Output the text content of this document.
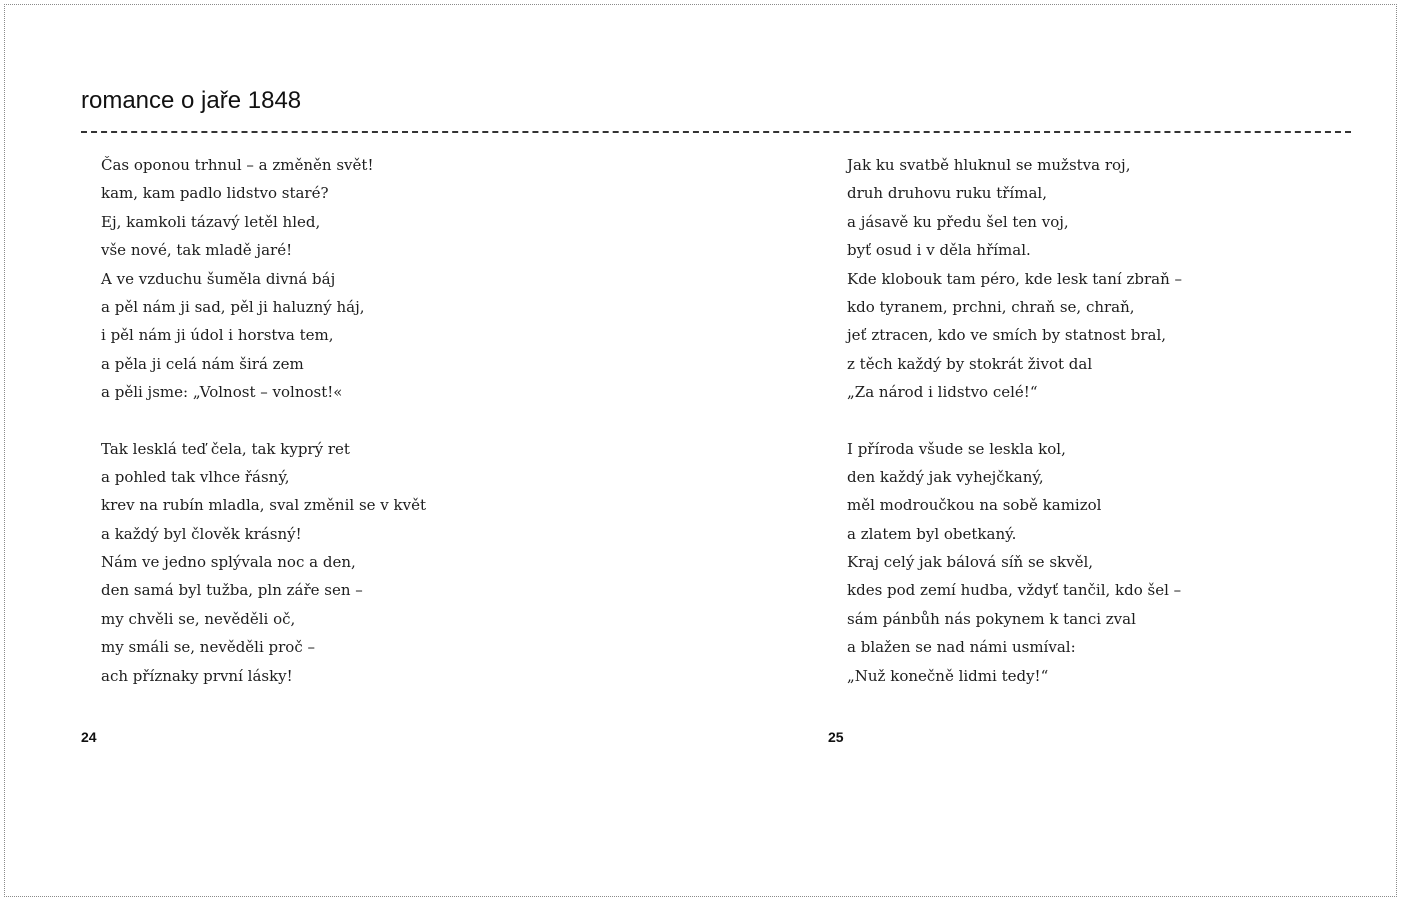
romance o jaře 1848
Čas oponou trhnul – a změněn svět!
kam, kam padlo lidstvo staré?
Ej, kamkoli tázavý letěl hled,
vše nové, tak mladě jaré!
A ve vzduchu šuměla divná báj
a pěl nám ji sad, pěl ji haluzný háj,
i pěl nám ji údol i horstva tem,
a pěla ji celá nám širá zem
a pěli jsme: „Volnost – volnost!«
Tak lesklá teď čela, tak kyprý ret
a pohled tak vlhce řásný,
krev na rubín mladla, sval změnil se v květ
a každý byl člověk krásný!
Nám ve jedno splývala noc a den,
den samá byl tužba, pln záře sen –
my chvěli se, nevěděli oč,
my smáli se, nevěděli proč –
ach příznaky první lásky!
Jak ku svatbě hluknul se mužstva roj,
druh druhovu ruku třímal,
a jásavě ku předu šel ten voj,
byť osud i v děla hřímal.
Kde klobouk tam péro, kde lesk taní zbraň –
kdo tyranem, prchni, chraň se, chraň,
jeť ztracen, kdo ve smích by statnost bral,
z těch každý by stokrát život dal
„Za národ i lidstvo celé!“
I příroda všude se leskla kol,
den každý jak vyhejčkaný,
měl modroučkou na sobě kamizol
a zlatem byl obetkaný.
Kraj celý jak bálová síň se skvěl,
kdes pod zemí hudba, vždyť tančil, kdo šel –
sám pánbůh nás pokynem k tanci zval
a blažen se nad námi usmíval:
„Nuž konečně lidmi tedy!“
24	25
